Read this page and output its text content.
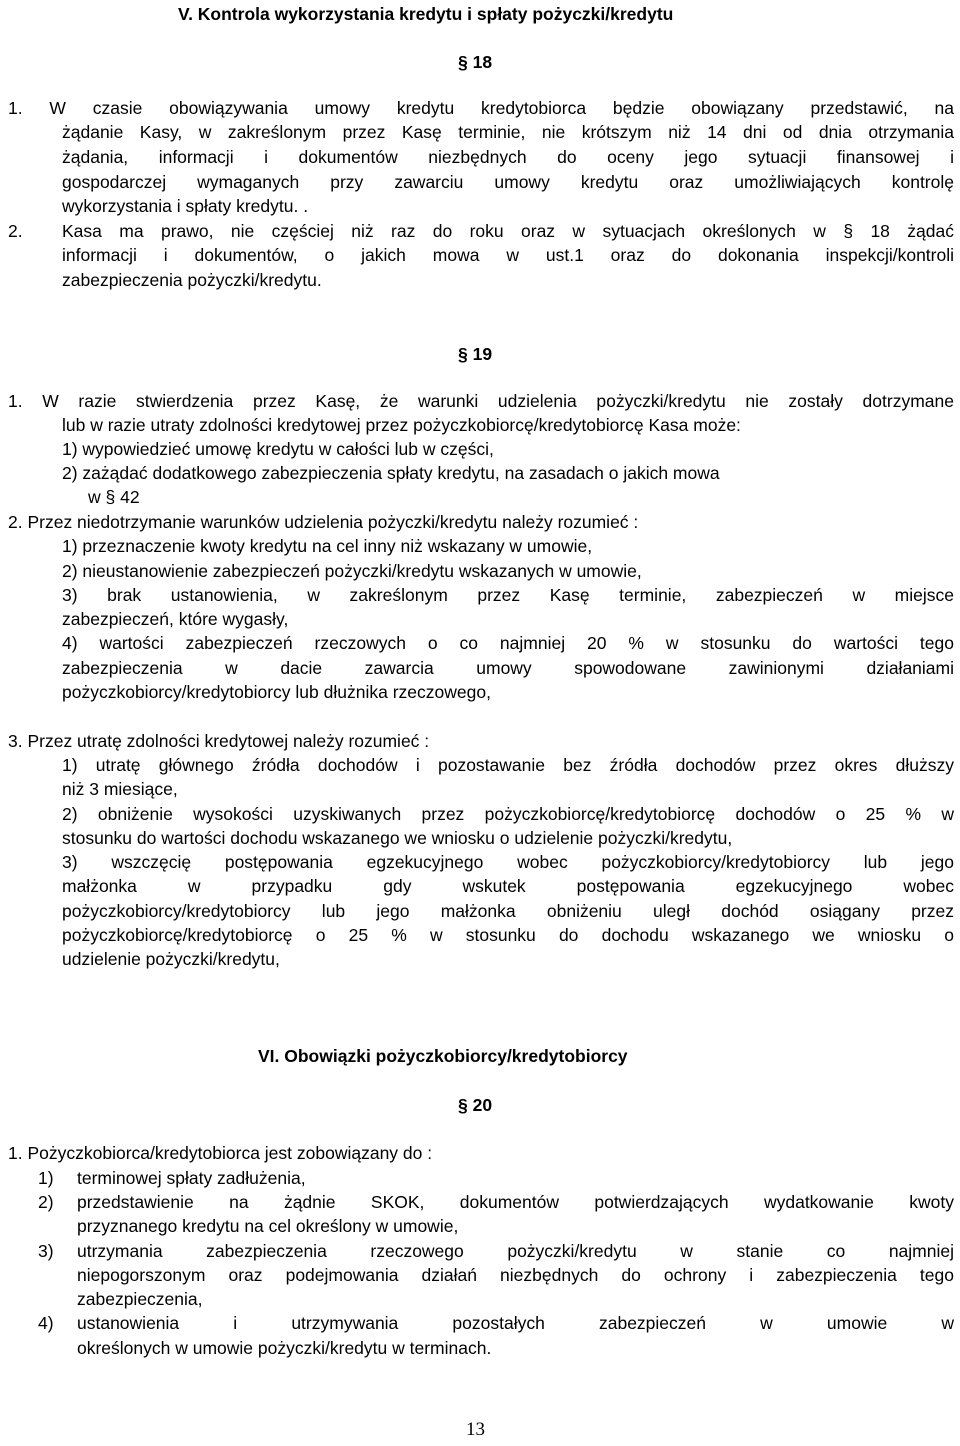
V. Kontrola wykorzystania kredytu i spłaty pożyczki/kredytu
§ 18
1. W czasie obowiązywania umowy kredytu kredytobiorca będzie obowiązany przedstawić, na
żądanie Kasy, w zakreślonym przez Kasę terminie, nie krótszym niż 14 dni od dnia otrzymania
żądania, informacji i dokumentów niezbędnych do oceny jego sytuacji finansowej i
gospodarczej wymaganych przy zawarciu umowy kredytu oraz umożliwiających kontrolę
wykorzystania i spłaty kredytu. .
2. Kasa ma prawo, nie częściej niż raz do roku oraz w sytuacjach określonych w § 18 żądać
informacji i dokumentów, o jakich mowa w ust.1 oraz do dokonania inspekcji/kontroli
zabezpieczenia pożyczki/kredytu.
§ 19
1. W razie stwierdzenia przez Kasę, że warunki udzielenia pożyczki/kredytu nie zostały dotrzymane
lub w razie utraty zdolności kredytowej przez pożyczkobiorcę/kredytobiorcę Kasa może:
1) wypowiedzieć umowę kredytu w całości lub w części,
2) zażądać dodatkowego zabezpieczenia spłaty kredytu, na zasadach o jakich mowa
w § 42
2. Przez niedotrzymanie warunków udzielenia pożyczki/kredytu należy rozumieć :
1) przeznaczenie kwoty kredytu na cel inny niż wskazany w umowie,
2) nieustanowienie zabezpieczeń pożyczki/kredytu wskazanych w umowie,
3) brak ustanowienia, w zakreślonym przez Kasę terminie, zabezpieczeń w miejsce
zabezpieczeń, które wygasły,
4) wartości zabezpieczeń rzeczowych o co najmniej 20 % w stosunku do wartości tego
zabezpieczenia w dacie zawarcia umowy spowodowane zawinionymi działaniami
pożyczkobiorcy/kredytobiorcy lub dłużnika rzeczowego,
3. Przez utratę zdolności kredytowej należy rozumieć :
1) utratę głównego źródła dochodów i pozostawanie bez źródła dochodów przez okres dłuższy
niż 3 miesiące,
2) obniżenie wysokości uzyskiwanych przez pożyczkobiorcę/kredytobiorcę dochodów o 25 % w
stosunku do wartości dochodu wskazanego we wniosku o udzielenie pożyczki/kredytu,
3) wszczęcię postępowania egzekucyjnego wobec pożyczkobiorcy/kredytobiorcy lub jego
małżonka w przypadku gdy wskutek postępowania egzekucyjnego wobec
pożyczkobiorcy/kredytobiorcy lub jego małżonka obniżeniu uległ dochód osiągany przez
pożyczkobiorcę/kredytobiorcę o 25 % w stosunku do dochodu wskazanego we wniosku o
udzielenie pożyczki/kredytu,
VI. Obowiązki pożyczkobiorcy/kredytobiorcy
§ 20
1. Pożyczkobiorca/kredytobiorca jest zobowiązany do :
1) terminowej spłaty zadłużenia,
2) przedstawienie na żądnie SKOK, dokumentów potwierdzających wydatkowanie kwoty
przyznanego kredytu na cel określony w umowie,
3) utrzymania zabezpieczenia rzeczowego pożyczki/kredytu w stanie co najmniej
niepogorszonym oraz podejmowania działań niezbędnych do ochrony i zabezpieczenia tego
zabezpieczenia,
4) ustanowienia i utrzymywania pozostałych zabezpieczeń w umowie w
określonych w umowie pożyczki/kredytu w terminach.
13
